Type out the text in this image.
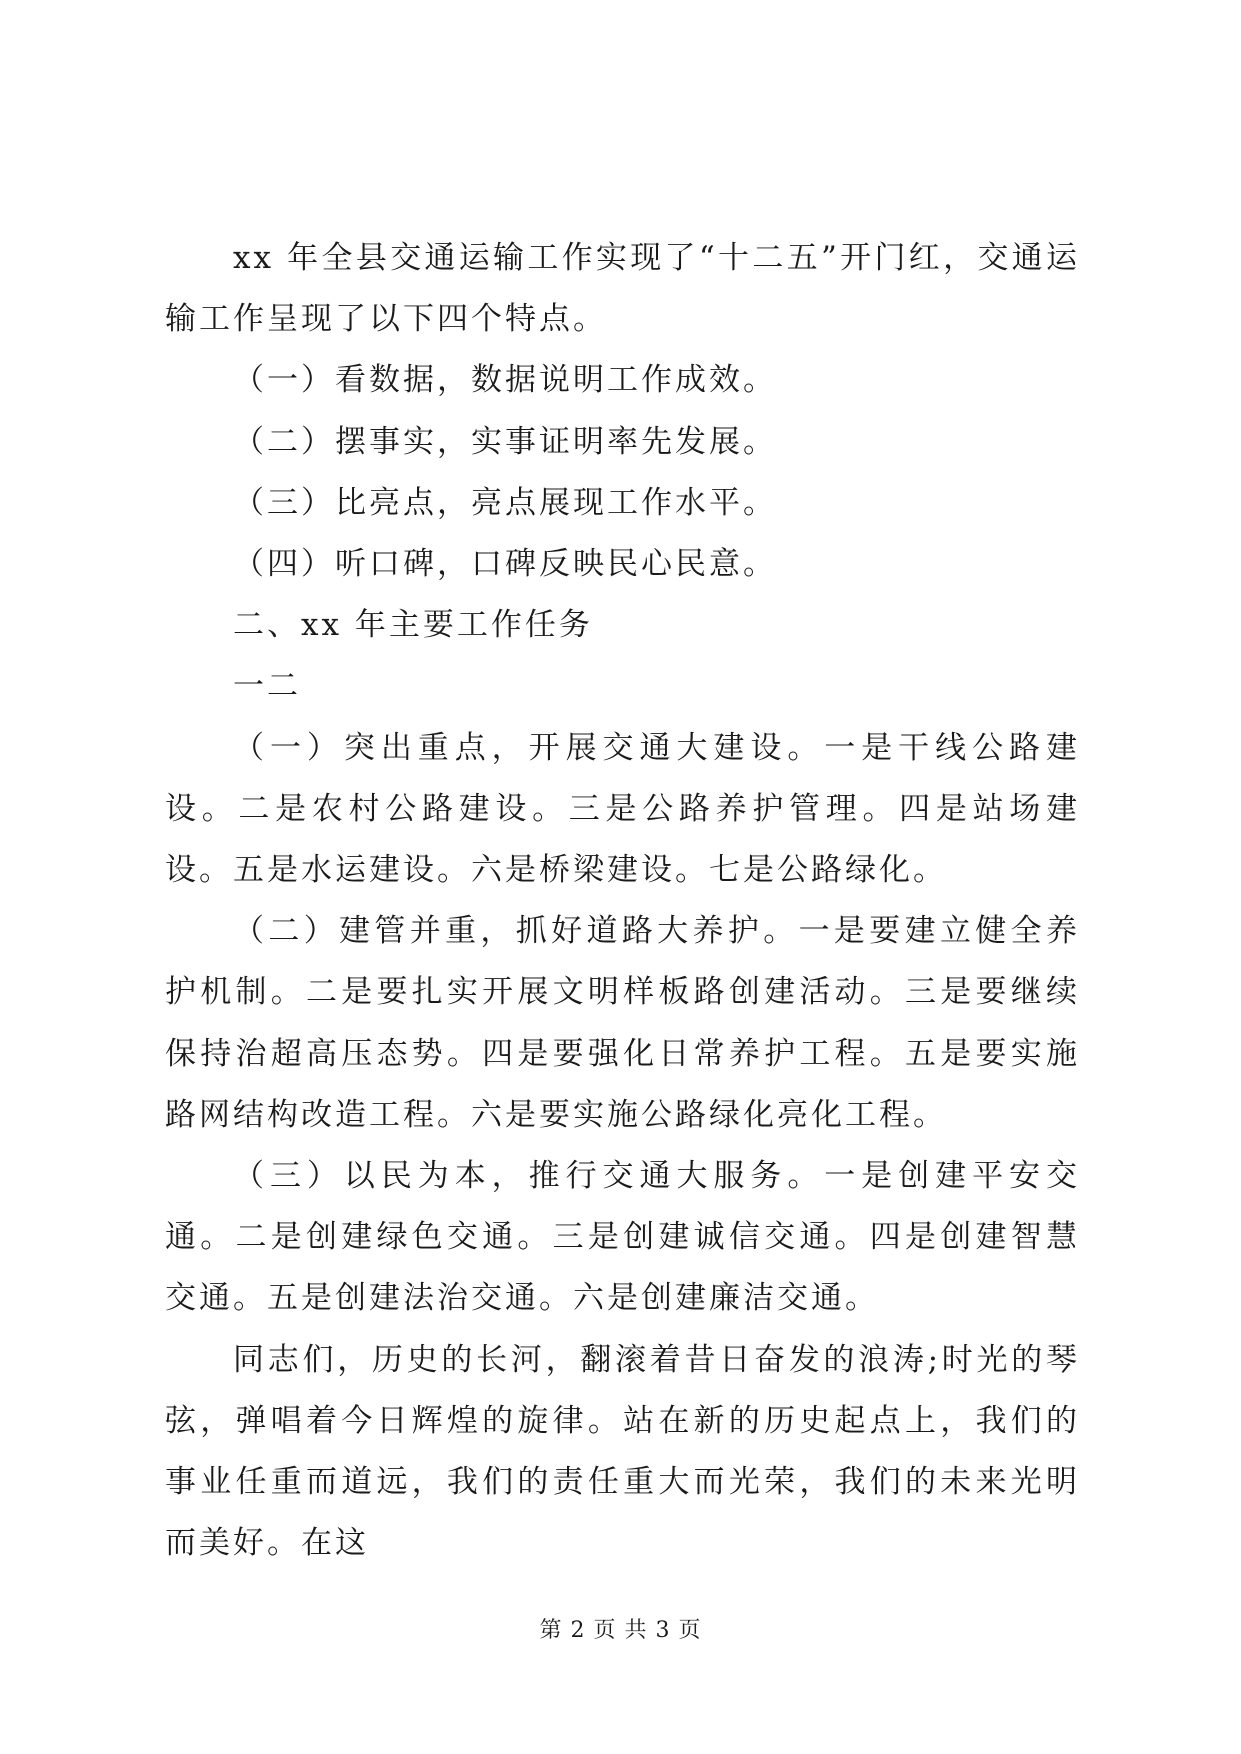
xx 年全县交通运输工作实现了“十二五”开门红，交通运输工作呈现了以下四个特点。

（一）看数据，数据说明工作成效。

（二）摆事实，实事证明率先发展。

（三）比亮点，亮点展现工作水平。

（四）听口碑，口碑反映民心民意。

二、xx 年主要工作任务

一二

（一）突出重点，开展交通大建设。一是干线公路建设。二是农村公路建设。三是公路养护管理。四是站场建设。五是水运建设。六是桥梁建设。七是公路绿化。

（二）建管并重，抓好道路大养护。一是要建立健全养护机制。二是要扎实开展文明样板路创建活动。三是要继续保持治超高压态势。四是要强化日常养护工程。五是要实施路网结构改造工程。六是要实施公路绿化亮化工程。

（三）以民为本，推行交通大服务。一是创建平安交通。二是创建绿色交通。三是创建诚信交通。四是创建智慧交通。五是创建法治交通。六是创建廉洁交通。

同志们，历史的长河，翻滚着昔日奋发的浪涛;时光的琴弦，弹唱着今日辉煌的旋律。站在新的历史起点上，我们的事业任重而道远，我们的责任重大而光荣，我们的未来光明而美好。在这

第 2 页 共 3 页
